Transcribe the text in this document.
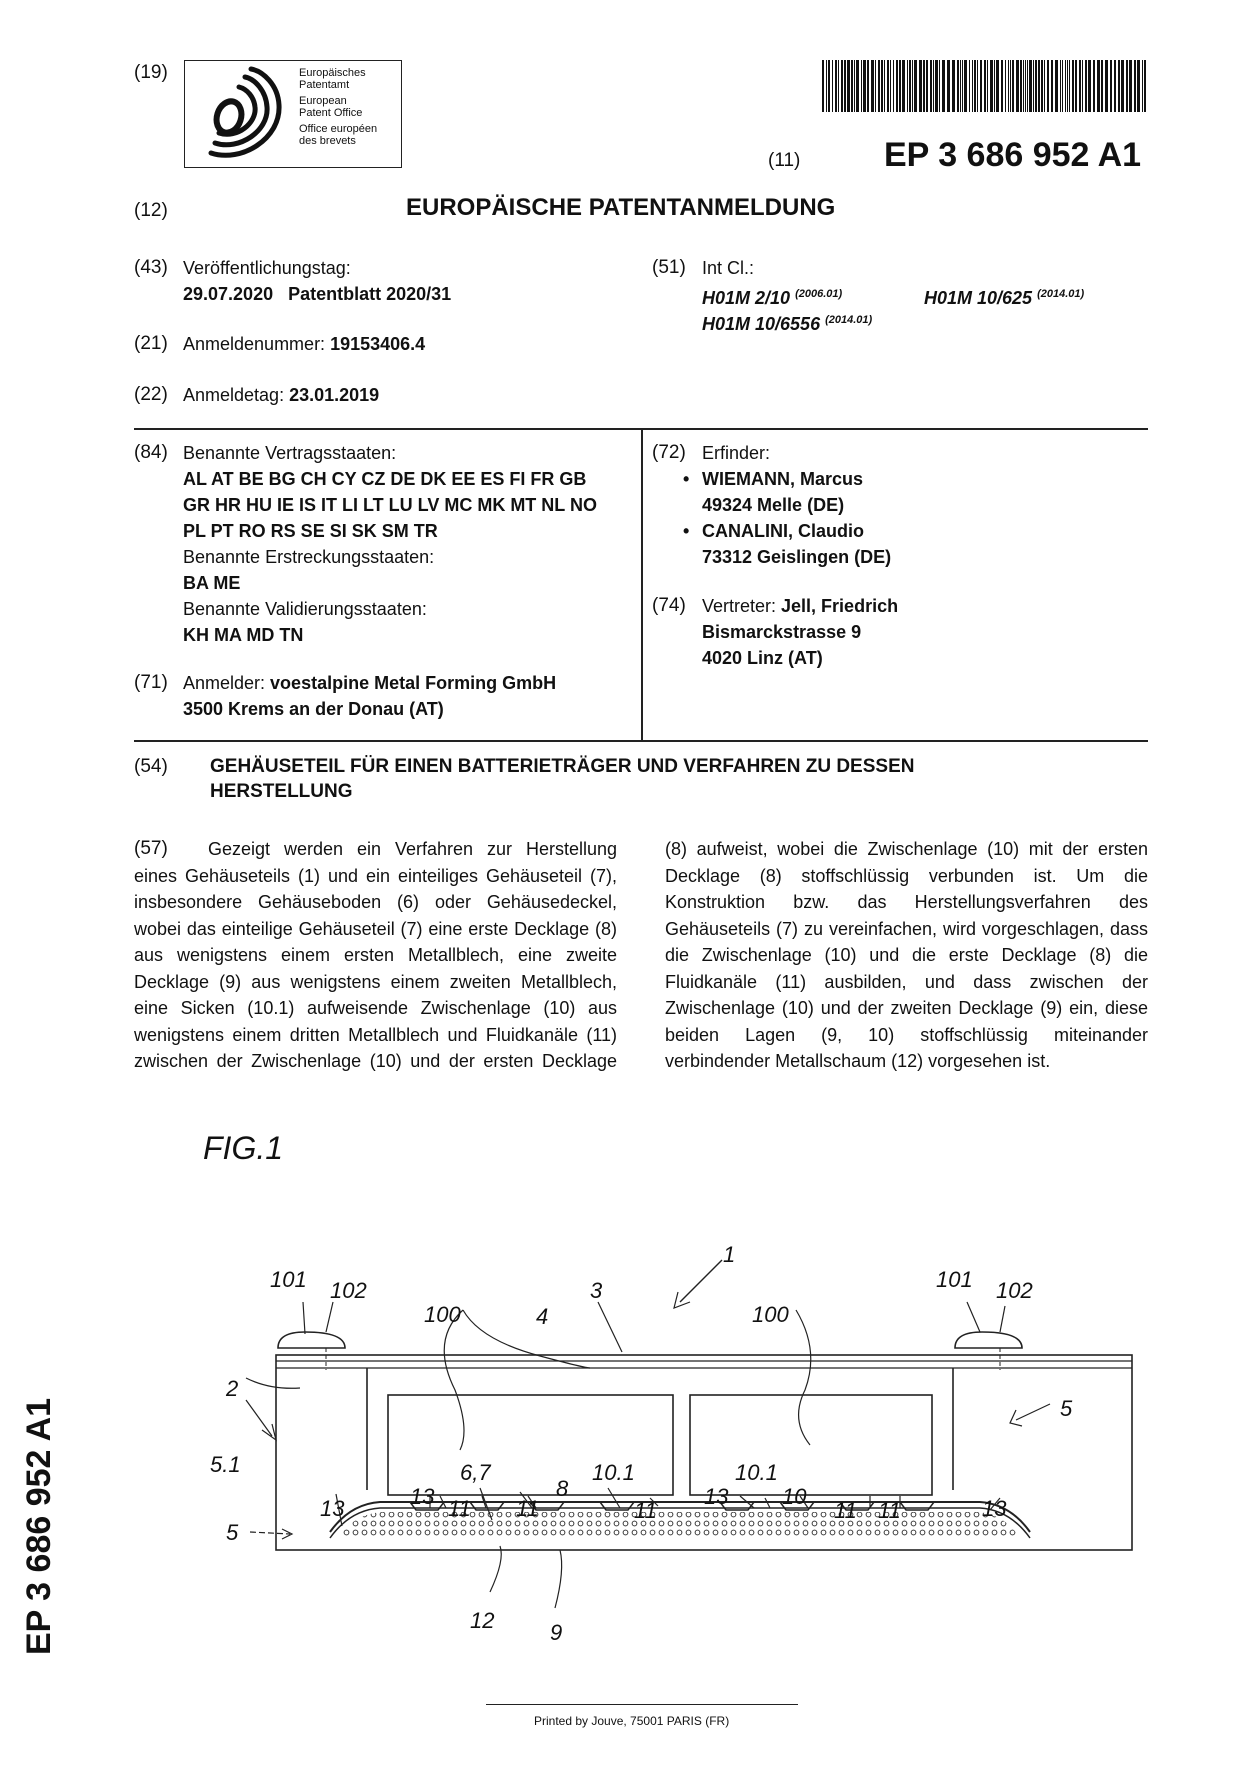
(19)	Europäisches
Patentamt
European
Patent Office
Office européen
des brevets
(11) EP 3 686 952 A1
(12)	EUROPÄISCHE PATENTANMELDUNG
(43) Veröffentlichungstag:
29.07.2020   Patentblatt 2020/31
(51) Int Cl.:
H01M 2/10 $^{(2006.01)}$	H01M 10/625 $^{(2014.01)}$
H01M 10/6556 $^{(2014.01)}$
(21) Anmeldenummer: 19153406.4
(22) Anmeldetag: 23.01.2019
(84) Benannte Vertragsstaaten:
AL AT BE BG CH CY CZ DE DK EE ES FI FR GB
GR HR HU IE IS IT LI LT LU LV MC MK MT NL NO
PL PT RO RS SE SI SK SM TR
Benannte Erstreckungsstaaten:
BA ME
Benannte Validierungsstaaten:
KH MA MD TN
(71) Anmelder: voestalpine Metal Forming GmbH
3500 Krems an der Donau (AT)
(72) Erfinder:
• WIEMANN, Marcus
49324 Melle (DE)
• CANALINI, Claudio
73312 Geislingen (DE)
(74) Vertreter: Jell, Friedrich
Bismarckstrasse 9
4020 Linz (AT)
(54) GEHÄUSETEIL FÜR EINEN BATTERIETRÄGER UND VERFAHREN ZU DESSEN
HERSTELLUNG
(57)	Gezeigt werden ein Verfahren zur Herstellung eines Gehäuseteils (1) und ein einteiliges Gehäuseteil (7), insbesondere Gehäuseboden (6) oder Gehäusedeckel, wobei das einteilige Gehäuseteil (7) eine erste Decklage (8) aus wenigstens einem ersten Metallblech, eine zweite Decklage (9) aus wenigstens einem zweiten Metallblech, eine Sicken (10.1) aufweisende Zwischenlage (10) aus wenigstens einem dritten Metallblech und Fluidkanäle (11) zwischen der Zwischenlage (10) und der ersten Decklage (8) aufweist, wobei die Zwischenlage (10) mit der ersten Decklage (8) stoffschlüssig verbunden ist. Um die Konstruktion bzw. das Herstellungsverfahren des Gehäuseteils (7) zu vereinfachen, wird vorgeschlagen, dass die Zwischenlage (10) und die erste Decklage (8) die Fluidkanäle (11) ausbilden, und dass zwischen der Zwischenlage (10) und der zweiten Decklage (9) ein, diese beiden Lagen (9, 10) stoffschlüssig miteinander verbindender Metallschaum (12) vorgesehen ist.

FIG.1
101 102	101 102
1
3
4
100	100
2
5
5.1
5
13	13 11
6,7
11
8
10.1
11
13
10.1
10
11 11	13
12	9
Printed by Jouve, 75001 PARIS (FR)
EP 3 686 952 A1
